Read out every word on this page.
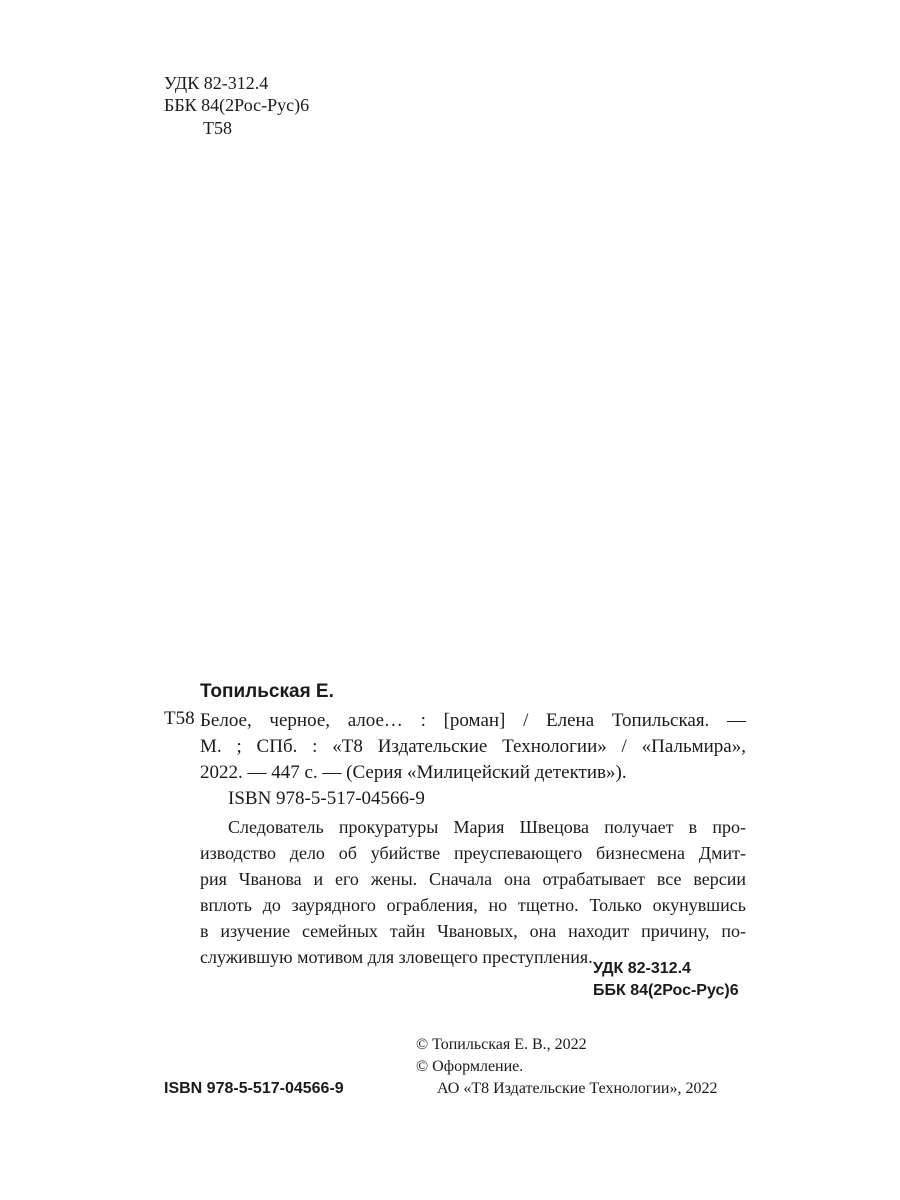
УДК 82-312.4
ББК 84(2Рос-Рус)6
Т58
Топильская Е.
Т58 Белое, черное, алое… : [роман] / Елена Топильская. —
М. ; СПб. : «Т8 Издательские Технологии» / «Пальмира»,
2022. — 447 с. — (Серия «Милицейский детектив»).
ISBN 978-5-517-04566-9
Следователь прокуратуры Мария Швецова получает в про-
изводство дело об убийстве преуспевающего бизнесмена Дмит-
рия Чванова и его жены. Сначала она отрабатывает все версии
вплоть до заурядного ограбления, но тщетно. Только окунувшись
в изучение семейных тайн Чвановых, она находит причину, по-
служившую мотивом для зловещего преступления.
УДК 82-312.4
ББК 84(2Рос-Рус)6
© Топильская Е. В., 2022
© Оформление.
АО «Т8 Издательские Технологии», 2022
ISBN 978-5-517-04566-9
